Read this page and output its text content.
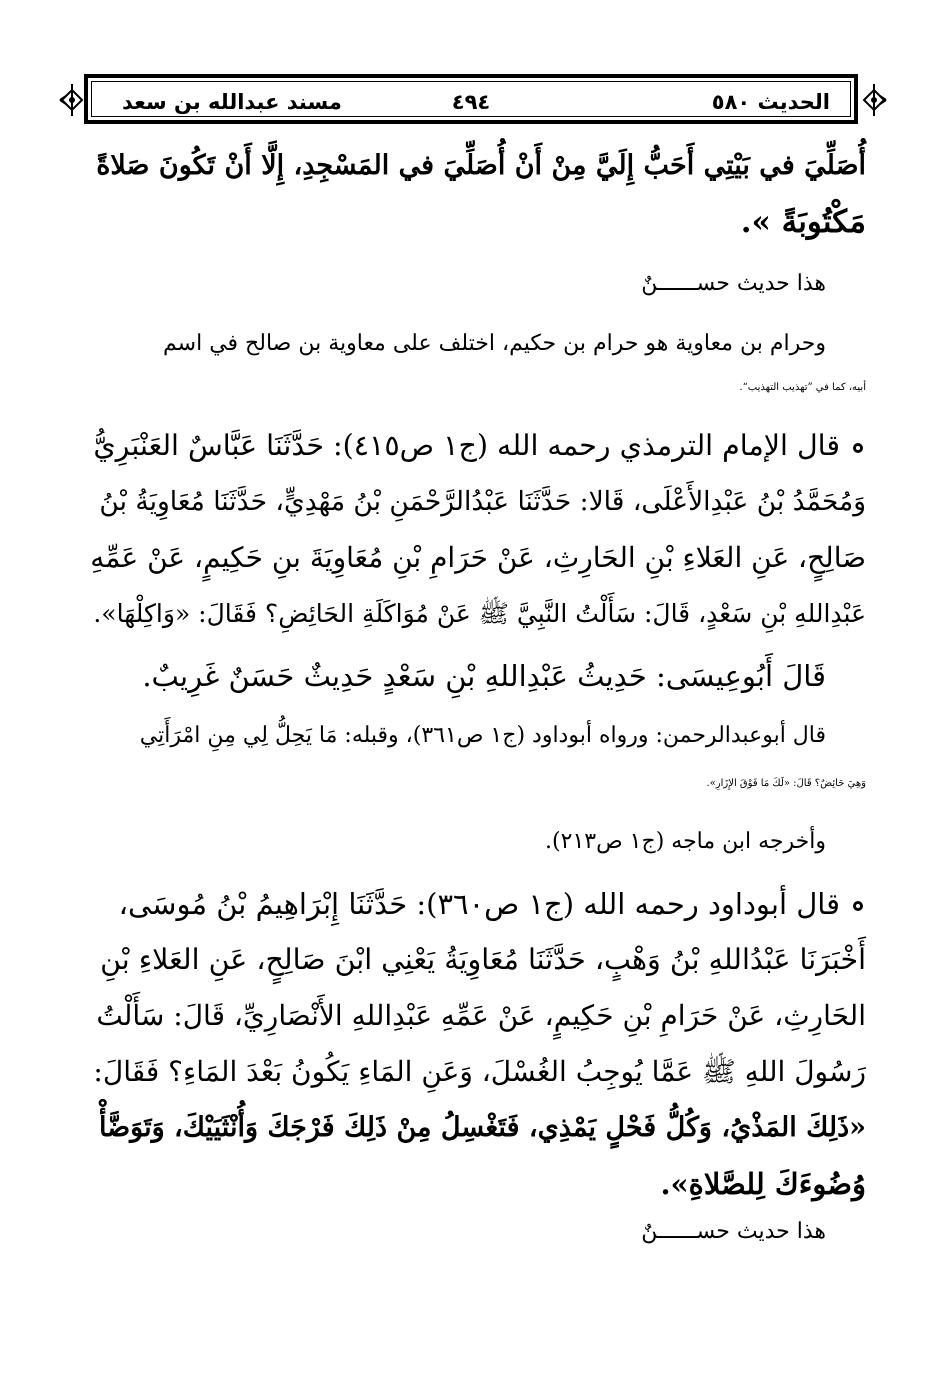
الحديث ٥٨٠
٤٩٤
مسند عبدالله بن سعد
أُصَلِّيَ في بَيْتِي أَحَبُّ إِلَيَّ مِنْ أَنْ أُصَلِّيَ في المَسْجِدِ، إِلَّا أَنْ تَكُونَ صَلاةً
مَكْتُوبَةً ».
هذا حديث حســــــنٌ
وحرام بن معاوية هو حرام بن حكيم، اختلف على معاوية بن صالح في اسم
أبيه، كما في ”تهذيب التهذيب“.
قال الإمام الترمذي رحمه الله (ج١ ص٤١٥): حَدَّثَنَا عَبَّاسٌ العَنْبَرِيُّ
وَمُحَمَّدُ بْنُ عَبْدِالأَعْلَى، قَالا: حَدَّثَنَا عَبْدُالرَّحْمَنِ بْنُ مَهْدِيٍّ، حَدَّثَنَا مُعَاوِيَةُ بْنُ
صَالِحٍ، عَنِ العَلاءِ بْنِ الحَارِثِ، عَنْ حَرَامِ بْنِ مُعَاوِيَةَ بنِ حَكِيمٍ، عَنْ عَمِّهِ
عَبْدِاللهِ بْنِ سَعْدٍ، قَالَ: سَأَلْتُ النَّبِيَّ ﷺ عَنْ مُوَاكَلَةِ الحَائِضِ؟ فَقَالَ: «وَاكِلْهَا».
قَالَ أَبُوعِيسَى: حَدِيثُ عَبْدِاللهِ بْنِ سَعْدٍ حَدِيثٌ حَسَنٌ غَرِيبٌ.
قال أبوعبدالرحمن: ورواه أبوداود (ج١ ص٣٦١)، وقبله: مَا يَحِلُّ لِي مِنِ امْرَأَتِي
وَهِيَ حَائِضٌ؟ قَالَ: «لَكَ مَا فَوْقَ الإِزَارِ».
وأخرجه ابن ماجه (ج١ ص٢١٣).
قال أبوداود رحمه الله (ج١ ص٣٦٠): حَدَّثَنَا إِبْرَاهِيمُ بْنُ مُوسَى،
أَخْبَرَنَا عَبْدُاللهِ بْنُ وَهْبٍ، حَدَّثَنَا مُعَاوِيَةُ يَعْنِي ابْنَ صَالِحٍ، عَنِ العَلاءِ بْنِ
الحَارِثِ، عَنْ حَرَامِ بْنِ حَكِيمٍ، عَنْ عَمِّهِ عَبْدِاللهِ الأَنْصَارِيِّ، قَالَ: سَأَلْتُ
رَسُولَ اللهِ ﷺ عَمَّا يُوجِبُ الغُسْلَ، وَعَنِ المَاءِ يَكُونُ بَعْدَ المَاءِ؟ فَقَالَ:
«ذَلِكَ المَذْيُ، وَكُلُّ فَحْلٍ يَمْذِي، فَتَغْسِلُ مِنْ ذَلِكَ فَرْجَكَ وَأُنْثَيَيْكَ، وَتَوَضَّأْ
وُضُوءَكَ لِلصَّلاةِ».
هذا حديث حســــــنٌ
